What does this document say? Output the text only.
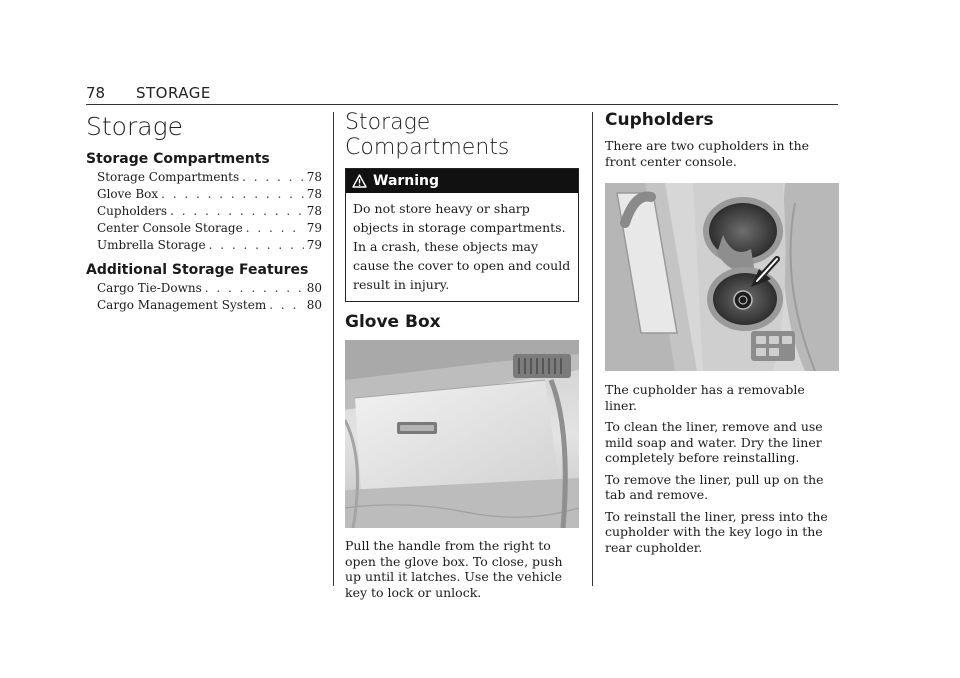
78 STORAGE
Storage
Storage Compartments
Storage Compartments . . .	78
Glove Box . . .	78
Cupholders . . .	78
Center Console Storage . . .	79
Umbrella Storage . . .	79
Additional Storage Features
Cargo Tie-Downs . . .	80
Cargo Management System . . .	80
Storage Compartments
Warning
Do not store heavy or sharp objects in storage compartments. In a crash, these objects may cause the cover to open and could result in injury.
Glove Box

Pull the handle from the right to open the glove box. To close, push up until it latches. Use the vehicle key to lock or unlock.

Cupholders

There are two cupholders in the front center console.

The cupholder has a removable liner.

To clean the liner, remove and use mild soap and water. Dry the liner completely before reinstalling.

To remove the liner, pull up on the tab and remove.

To reinstall the liner, press into the cupholder with the key logo in the rear cupholder.
